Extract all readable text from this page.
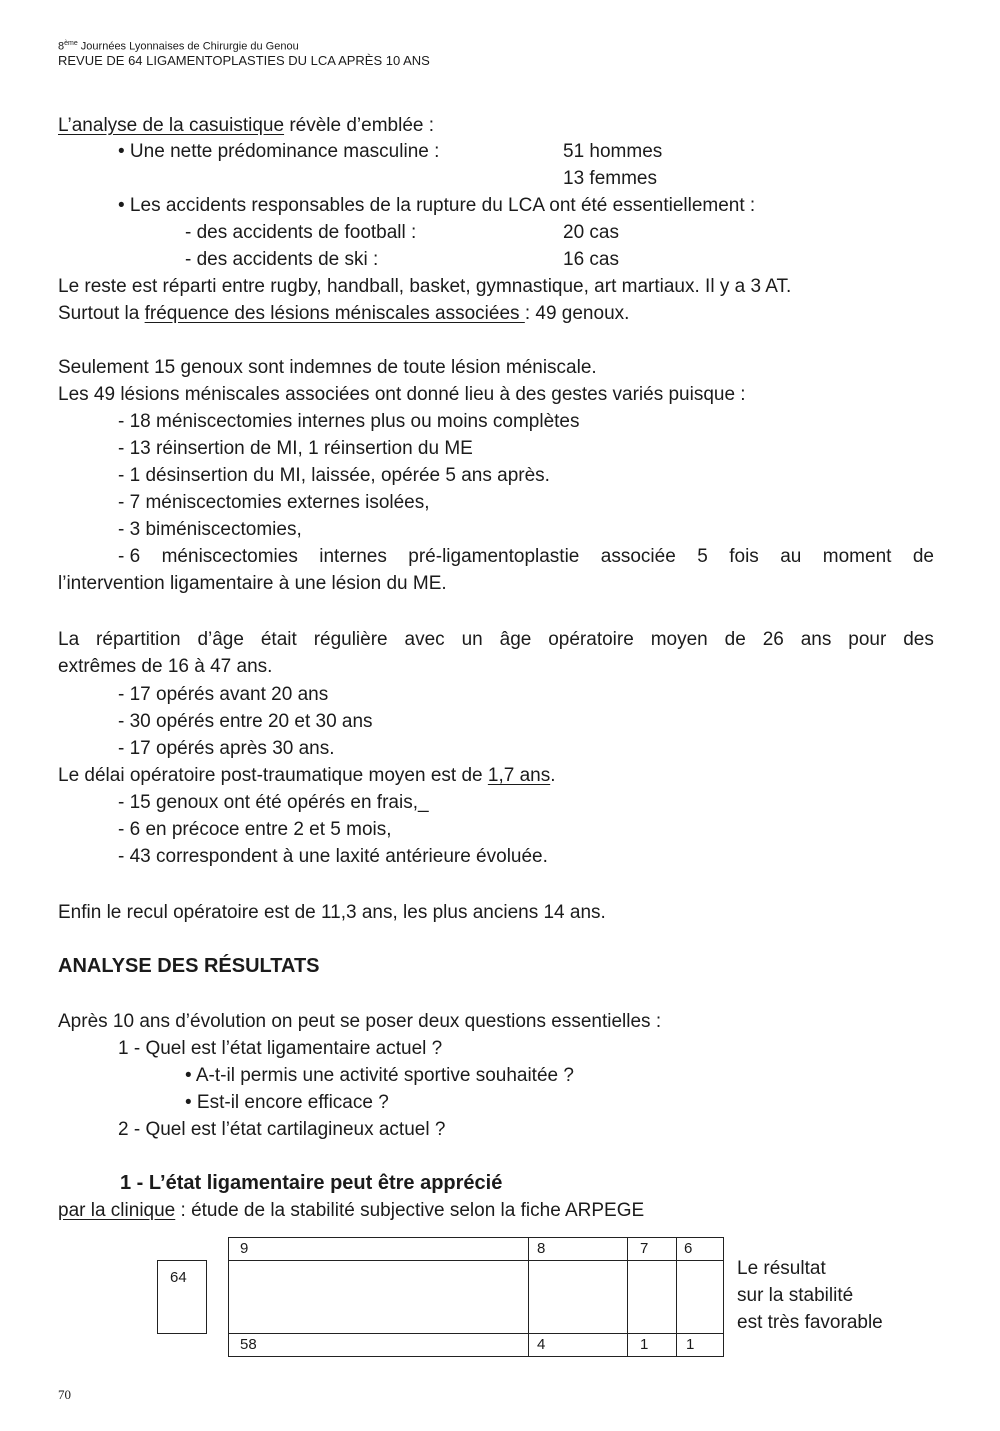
8ème Journées Lyonnaises de Chirurgie du Genou
REVUE DE 64 LIGAMENTOPLASTIES DU LCA APRÈS 10 ANS
L’analyse de la casuistique révèle d’emblée :
• Une nette prédominance masculine :	51 hommes
13 femmes
• Les accidents responsables de la rupture du LCA ont été essentiellement :
- des accidents de football :	20 cas
- des accidents de ski :	16 cas
Le reste est réparti entre rugby, handball, basket, gymnastique, art martiaux. Il y a 3 AT.
Surtout la fréquence des lésions méniscales associées : 49 genoux.
Seulement 15 genoux sont indemnes de toute lésion méniscale.
Les 49 lésions méniscales associées ont donné lieu à des gestes variés puisque :
- 18 méniscectomies internes plus ou moins complètes
- 13 réinsertion de MI, 1 réinsertion du ME
- 1 désinsertion du MI, laissée, opérée 5 ans après.
- 7 méniscectomies externes isolées,
- 3 biméniscectomies,
- 6 méniscectomies internes pré-ligamentoplastie associée 5 fois au moment de
l’intervention ligamentaire à une lésion du ME.
La répartition d’âge était régulière avec un âge opératoire moyen de 26 ans pour des
extrêmes de 16 à 47 ans.
- 17 opérés avant 20 ans
- 30 opérés entre 20 et 30 ans
- 17 opérés après 30 ans.
Le délai opératoire post-traumatique moyen est de 1,7 ans.
- 15 genoux ont été opérés en frais,_
- 6 en précoce entre 2 et 5 mois,
- 43 correspondent à une laxité antérieure évoluée.
Enfin le recul opératoire est de 11,3 ans, les plus anciens 14 ans.
ANALYSE DES RÉSULTATS
Après 10 ans d’évolution on peut se poser deux questions essentielles :
1 - Quel est l’état ligamentaire actuel ?
• A-t-il permis une activité sportive souhaitée ?
• Est-il encore efficace ?
2 - Quel est l’état cartilagineux actuel ?
1 - L’état ligamentaire peut être apprécié
par la clinique : étude de la stabilité subjective selon la fiche ARPEGE
64
9	8	7 6
58	4	1	1
Le résultat
sur la stabilité
est très favorable
70
